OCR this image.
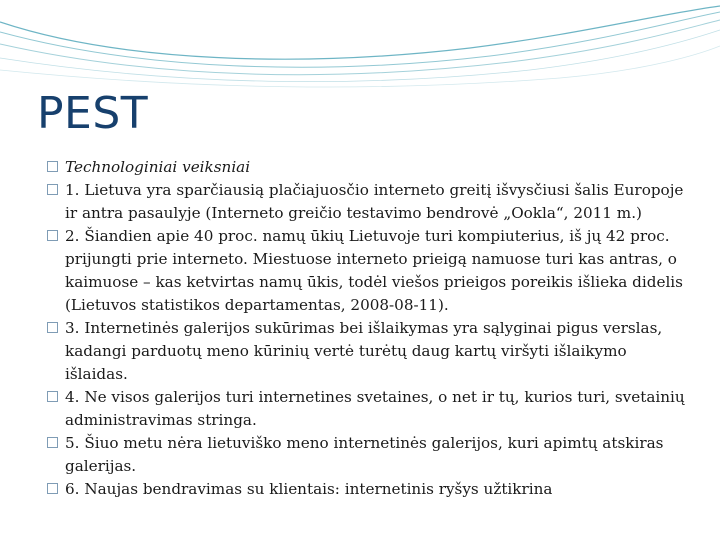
PEST
Technologiniai veiksniai
1. Lietuva yra sparčiausią plačiajuosčio interneto greitį išvysčiusi šalis Europoje ir antra pasaulyje (Interneto greičio testavimo bendrovė „Ookla“, 2011 m.)
2. Šiandien apie 40 proc. namų ūkių Lietuvoje turi kompiuterius, iš jų 42 proc. prijungti prie interneto. Miestuose interneto prieigą namuose turi kas antras, o kaimuose – kas ketvirtas namų ūkis, todėl viešos prieigos poreikis išlieka didelis (Lietuvos statistikos departamentas, 2008-08-11).
3. Internetinės galerijos sukūrimas bei išlaikymas yra sąlyginai pigus verslas, kadangi parduotų meno kūrinių vertė turėtų daug kartų viršyti išlaikymo išlaidas.
4. Ne visos galerijos turi internetines svetaines, o net ir tų, kurios turi, svetainių administravimas stringa.
5. Šiuo metu nėra lietuviško meno internetinės galerijos, kuri apimtų atskiras galerijas.
6. Naujas bendravimas su klientais: internetinis ryšys užtikrina
